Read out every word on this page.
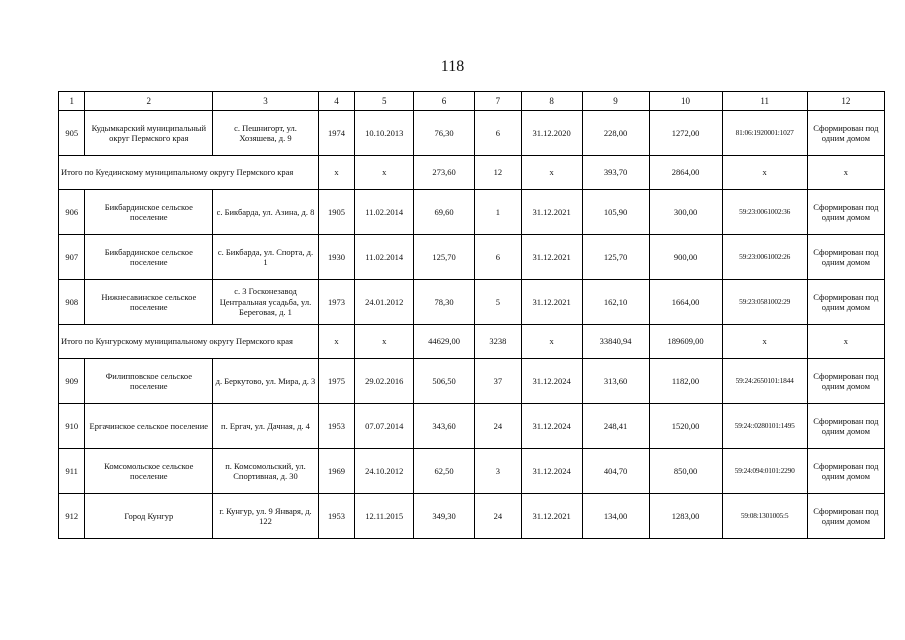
118
1	2	3	4	5	6	7	8	9	10	11	12
905	Кудымкарский муниципальный округ Пермского края	с. Пешнигорт, ул. Хозяшева, д. 9	1974	10.10.2013	76,30	6	31.12.2020	228,00	1272,00	81:06:1920001:1027	Сформирован под одним домом
Итого по Куединскому муниципальному округу Пермского края			x	x	273,60	12	x	393,70	2864,00	x	x
906	Бикбардинское сельское поселение	с. Бикбарда, ул. Азина, д. 8	1905	11.02.2014	69,60	1	31.12.2021	105,90	300,00	59:23:0061002:36	Сформирован под одним домом
907	Бикбардинское сельское поселение	с. Бикбарда, ул. Спорта, д. 1	1930	11.02.2014	125,70	6	31.12.2021	125,70	900,00	59:23:0061002:26	Сформирован под одним домом
908	Нижнесавинское сельское поселение	с. 3 Госконезавод Центральная усадьба, ул. Береговая, д. 1	1973	24.01.2012	78,30	5	31.12.2021	162,10	1664,00	59:23:0581002:29	Сформирован под одним домом
Итого по Кунгурскому муниципальному округу Пермского края			x	x	44629,00	3238	x	33840,94	189609,00	x	x
909	Филипповское сельское поселение	д. Беркутово, ул. Мира, д. 3	1975	29.02.2016	506,50	37	31.12.2024	313,60	1182,00	59:24:2650101:1844	Сформирован под одним домом
910	Ергачинское сельское поселение	п. Ергач, ул. Дачная, д. 4	1953	07.07.2014	343,60	24	31.12.2024	248,41	1520,00	59:24::0280101:1495	Сформирован под одним домом
911	Комсомольское сельское поселение	п. Комсомольский, ул. Спортивная, д. 30	1969	24.10.2012	62,50	3	31.12.2024	404,70	850,00	59:24:094:0101:2290	Сформирован под одним домом
912	Город Кунгур	г. Кунгур, ул. 9 Января, д. 122	1953	12.11.2015	349,30	24	31.12.2021	134,00	1283,00	59:08:1301005:5	Сформирован под одним домом
